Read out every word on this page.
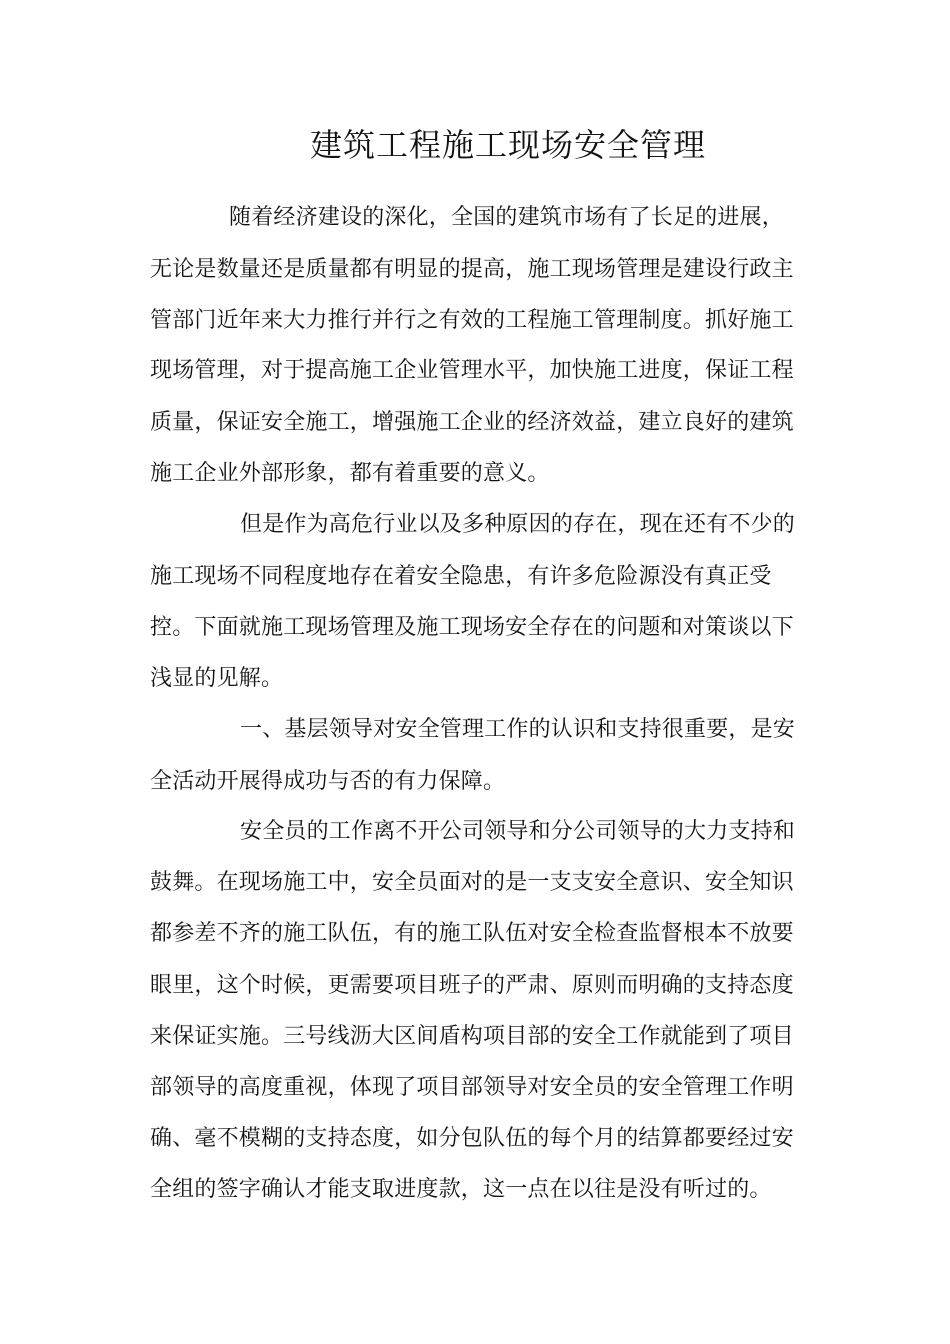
建筑工程施工现场安全管理
随着经济建设的深化，全国的建筑市场有了长足的进展，
无论是数量还是质量都有明显的提高，施工现场管理是建设行政主
管部门近年来大力推行并行之有效的工程施工管理制度。抓好施工
现场管理，对于提高施工企业管理水平，加快施工进度，保证工程
质量，保证安全施工，增强施工企业的经济效益，建立良好的建筑
施工企业外部形象，都有着重要的意义。
但是作为高危行业以及多种原因的存在，现在还有不少的
施工现场不同程度地存在着安全隐患，有许多危险源没有真正受
控。下面就施工现场管理及施工现场安全存在的问题和对策谈以下
浅显的见解。
一、基层领导对安全管理工作的认识和支持很重要，是安
全活动开展得成功与否的有力保障。
安全员的工作离不开公司领导和分公司领导的大力支持和
鼓舞。在现场施工中，安全员面对的是一支支安全意识、安全知识
都参差不齐的施工队伍，有的施工队伍对安全检查监督根本不放要
眼里，这个时候，更需要项目班子的严肃、原则而明确的支持态度
来保证实施。三号线沥大区间盾构项目部的安全工作就能到了项目
部领导的高度重视，体现了项目部领导对安全员的安全管理工作明
确、毫不模糊的支持态度，如分包队伍的每个月的结算都要经过安
全组的签字确认才能支取进度款，这一点在以往是没有听过的。
